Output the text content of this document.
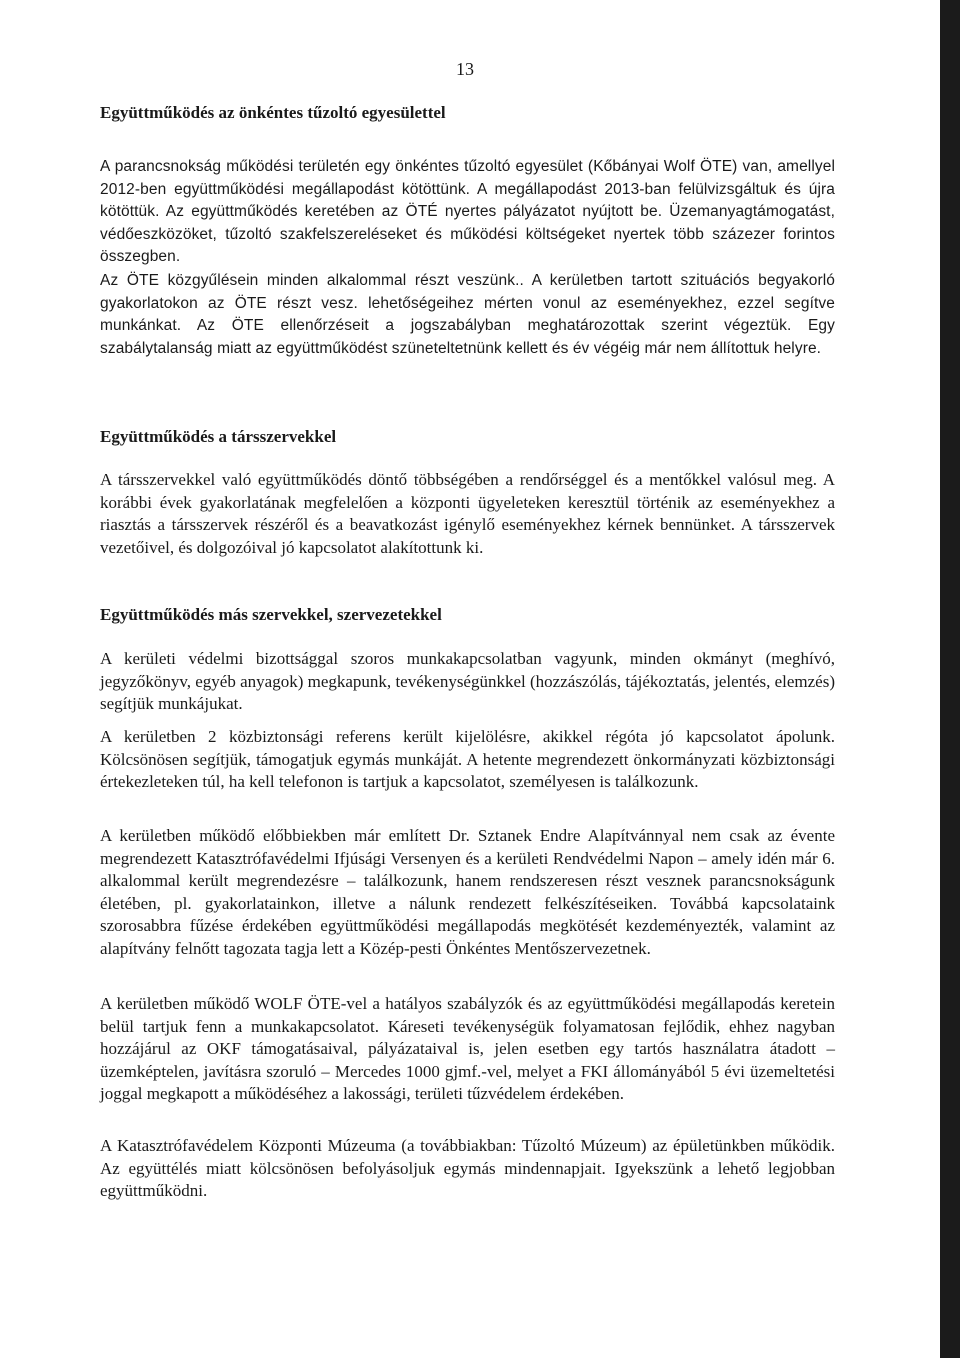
13
Együttműködés az önkéntes tűzoltó egyesülettel

A parancsnokság működési területén egy önkéntes tűzoltó egyesület (Kőbányai Wolf ÖTE) van, amellyel 2012-ben együttműködési megállapodást kötöttünk. A megállapodást 2013-ban felülvizsgáltuk és újra kötöttük. Az együttműködés keretében az ÖTÉ nyertes pályázatot nyújtott be. Üzemanyagtámogatást, védőeszközöket, tűzoltó szakfelszereléseket és működési költségeket nyertek több százezer forintos összegben.

Az ÖTE közgyűlésein minden alkalommal részt veszünk.. A kerületben tartott szituációs begyakorló gyakorlatokon az ÖTE részt vesz. lehetőségeihez mérten vonul az eseményekhez, ezzel segítve munkánkat. Az ÖTE ellenőrzéseit a jogszabályban meghatározottak szerint végeztük. Egy szabálytalanság miatt az együttműködést szüneteltetnünk kellett és év végéig már nem állítottuk helyre.

Együttműködés a társszervekkel

A társszervekkel való együttműködés döntő többségében a rendőrséggel és a mentőkkel valósul meg. A korábbi évek gyakorlatának megfelelően a központi ügyeleteken keresztül történik az eseményekhez a riasztás a társszervek részéről és a beavatkozást igénylő eseményekhez kérnek bennünket. A társszervek vezetőivel, és dolgozóival jó kapcsolatot alakítottunk ki.

Együttműködés más szervekkel, szervezetekkel

A kerületi védelmi bizottsággal szoros munkakapcsolatban vagyunk, minden okmányt (meghívó, jegyzőkönyv, egyéb anyagok) megkapunk, tevékenységünkkel (hozzászólás, tájékoztatás, jelentés, elemzés) segítjük munkájukat.

A kerületben 2 közbiztonsági referens került kijelölésre, akikkel régóta jó kapcsolatot ápolunk. Kölcsönösen segítjük, támogatjuk egymás munkáját. A hetente megrendezett önkormányzati közbiztonsági értekezleteken túl, ha kell telefonon is tartjuk a kapcsolatot, személyesen is találkozunk.

A kerületben működő előbbiekben már említett Dr. Sztanek Endre Alapítvánnyal nem csak az évente megrendezett Katasztrófavédelmi Ifjúsági Versenyen és a kerületi Rendvédelmi Napon – amely idén már 6. alkalommal került megrendezésre – találkozunk, hanem rendszeresen részt vesznek parancsnokságunk életében, pl. gyakorlatainkon, illetve a nálunk rendezett felkészítéseiken. Továbbá kapcsolataink szorosabbra fűzése érdekében együttműködési megállapodás megkötését kezdeményezték, valamint az alapítvány felnőtt tagozata tagja lett a Közép-pesti Önkéntes Mentőszervezetnek.

A kerületben működő WOLF ÖTE-vel a hatályos szabályzók és az együttműködési megállapodás keretein belül tartjuk fenn a munkakapcsolatot. Káreseti tevékenységük folyamatosan fejlődik, ehhez nagyban hozzájárul az OKF támogatásaival, pályázataival is, jelen esetben egy tartós használatra átadott – üzemképtelen, javításra szoruló – Mercedes 1000 gjmf.-vel, melyet a FKI állományából 5 évi üzemeltetési joggal megkapott a működéséhez a lakossági, területi tűzvédelem érdekében.

A Katasztrófavédelem Központi Múzeuma (a továbbiakban: Tűzoltó Múzeum) az épületünkben működik. Az együttélés miatt kölcsönösen befolyásoljuk egymás mindennapjait. Igyekszünk a lehető legjobban együttműködni.
